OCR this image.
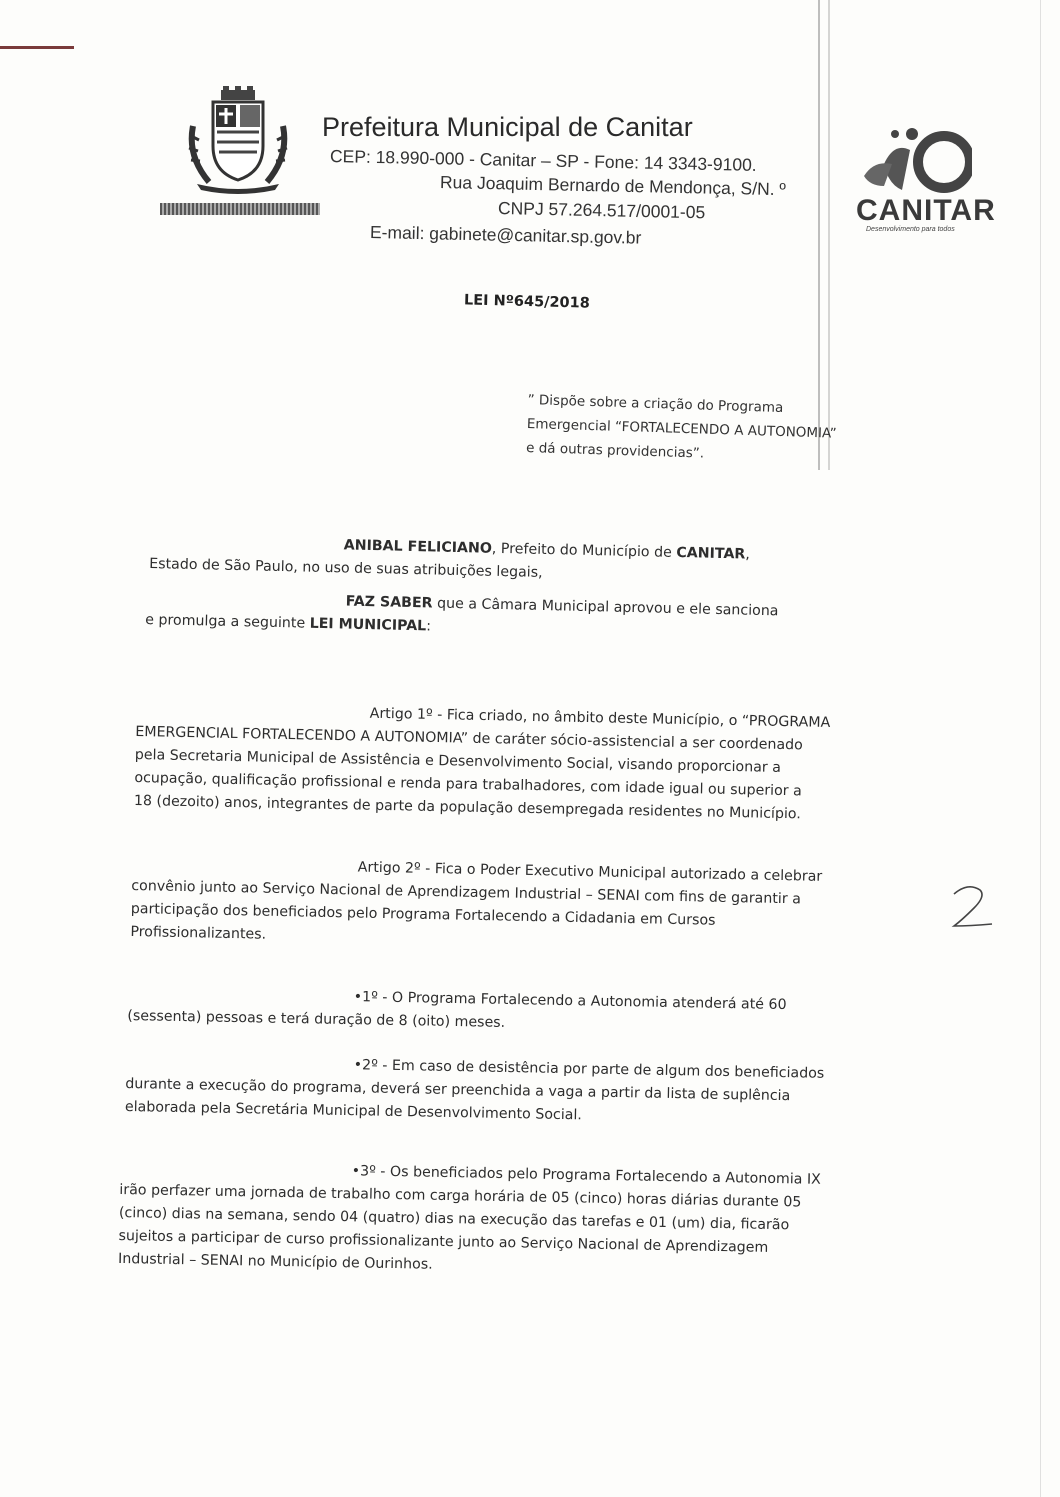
Prefeitura Municipal de Canitar
CEP: 18.990-000 - Canitar – SP - Fone: 14 3343-9100.
Rua Joaquim Bernardo de Mendonça, S/N. º
CNPJ 57.264.517/0001-05
E-mail: gabinete@canitar.sp.gov.br
CANITAR
Desenvolvimento para todos
LEI Nº645/2018
” Dispõe sobre a criação do Programa
Emergencial “FORTALECENDO A AUTONOMIA”
e dá outras providencias”.
ANIBAL FELICIANO, Prefeito do Município de CANITAR,
Estado de São Paulo, no uso de suas atribuições legais,
FAZ SABER que a Câmara Municipal aprovou e ele sanciona
e promulga a seguinte LEI MUNICIPAL:
Artigo 1º - Fica criado, no âmbito deste Município, o “PROGRAMA
EMERGENCIAL FORTALECENDO A AUTONOMIA” de caráter sócio-assistencial a ser coordenado
pela Secretaria Municipal de Assistência e Desenvolvimento Social, visando proporcionar a
ocupação, qualificação profissional e renda para trabalhadores, com idade igual ou superior a
18 (dezoito) anos, integrantes de parte da população desempregada residentes no Município.
Artigo 2º - Fica o Poder Executivo Municipal autorizado a celebrar
convênio junto ao Serviço Nacional de Aprendizagem Industrial – SENAI com fins de garantir a
participação dos beneficiados pelo Programa Fortalecendo a Cidadania em Cursos
Profissionalizantes.
•1º - O Programa Fortalecendo a Autonomia atenderá até 60
(sessenta) pessoas e terá duração de 8 (oito) meses.
•2º - Em caso de desistência por parte de algum dos beneficiados
durante a execução do programa, deverá ser preenchida a vaga a partir da lista de suplência
elaborada pela Secretária Municipal de Desenvolvimento Social.
•3º - Os beneficiados pelo Programa Fortalecendo a Autonomia IX
irão perfazer uma jornada de trabalho com carga horária de 05 (cinco) horas diárias durante 05
(cinco) dias na semana, sendo 04 (quatro) dias na execução das tarefas e 01 (um) dia, ficarão
sujeitos a participar de curso profissionalizante junto ao Serviço Nacional de Aprendizagem
Industrial – SENAI no Município de Ourinhos.
